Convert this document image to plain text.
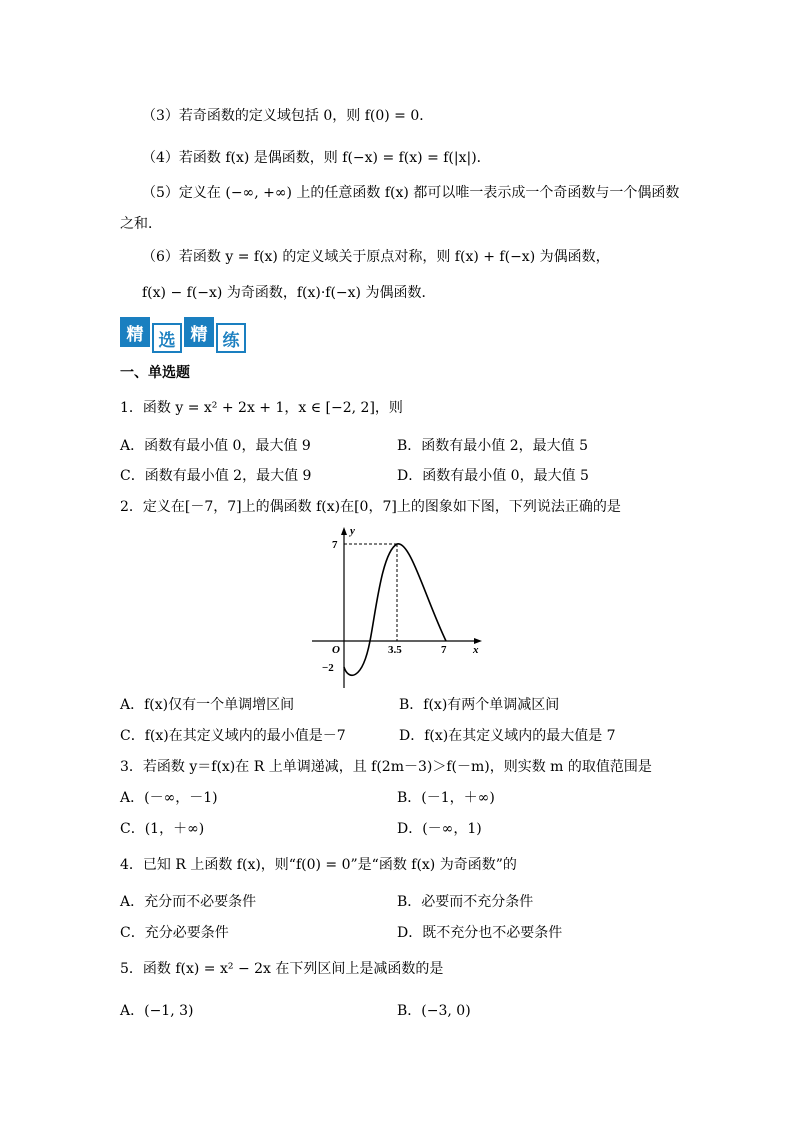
（3）若奇函数的定义域包括 0，则 f(0) = 0．
（4）若函数 f(x) 是偶函数，则 f(−x) = f(x) = f(|x|)．
（5）定义在 (−∞, +∞) 上的任意函数 f(x) 都可以唯一表示成一个奇函数与一个偶函数
之和．
（6）若函数 y = f(x) 的定义域关于原点对称，则 f(x) + f(−x) 为偶函数，
f(x) − f(−x) 为奇函数，f(x)·f(−x) 为偶函数．
精 选 精 练
一、单选题
1．函数 y = x² + 2x + 1，x ∈ [−2, 2]，则
A．函数有最小值 0，最大值 9	B．函数有最小值 2，最大值 5
C．函数有最小值 2，最大值 9	D．函数有最小值 0，最大值 5
2．定义在[－7，7]上的偶函数 f(x)在[0，7]上的图象如下图，下列说法正确的是
y
x
O
7
−2
3.5	7
A．f(x)仅有一个单调增区间	B．f(x)有两个单调减区间
C．f(x)在其定义域内的最小值是－7	D．f(x)在其定义域内的最大值是 7
3．若函数 y＝f(x)在 R 上单调递减，且 f(2m－3)＞f(－m)，则实数 m 的取值范围是
A．(－∞，－1)	B．(－1，＋∞)
C．(1，＋∞)	D．(－∞，1)
4．已知 R 上函数 f(x)，则“f(0) = 0”是“函数 f(x) 为奇函数”的
A．充分而不必要条件	B．必要而不充分条件
C．充分必要条件	D．既不充分也不必要条件
5．函数 f(x) = x² − 2x 在下列区间上是减函数的是
A．(−1, 3)	B．(−3, 0)
